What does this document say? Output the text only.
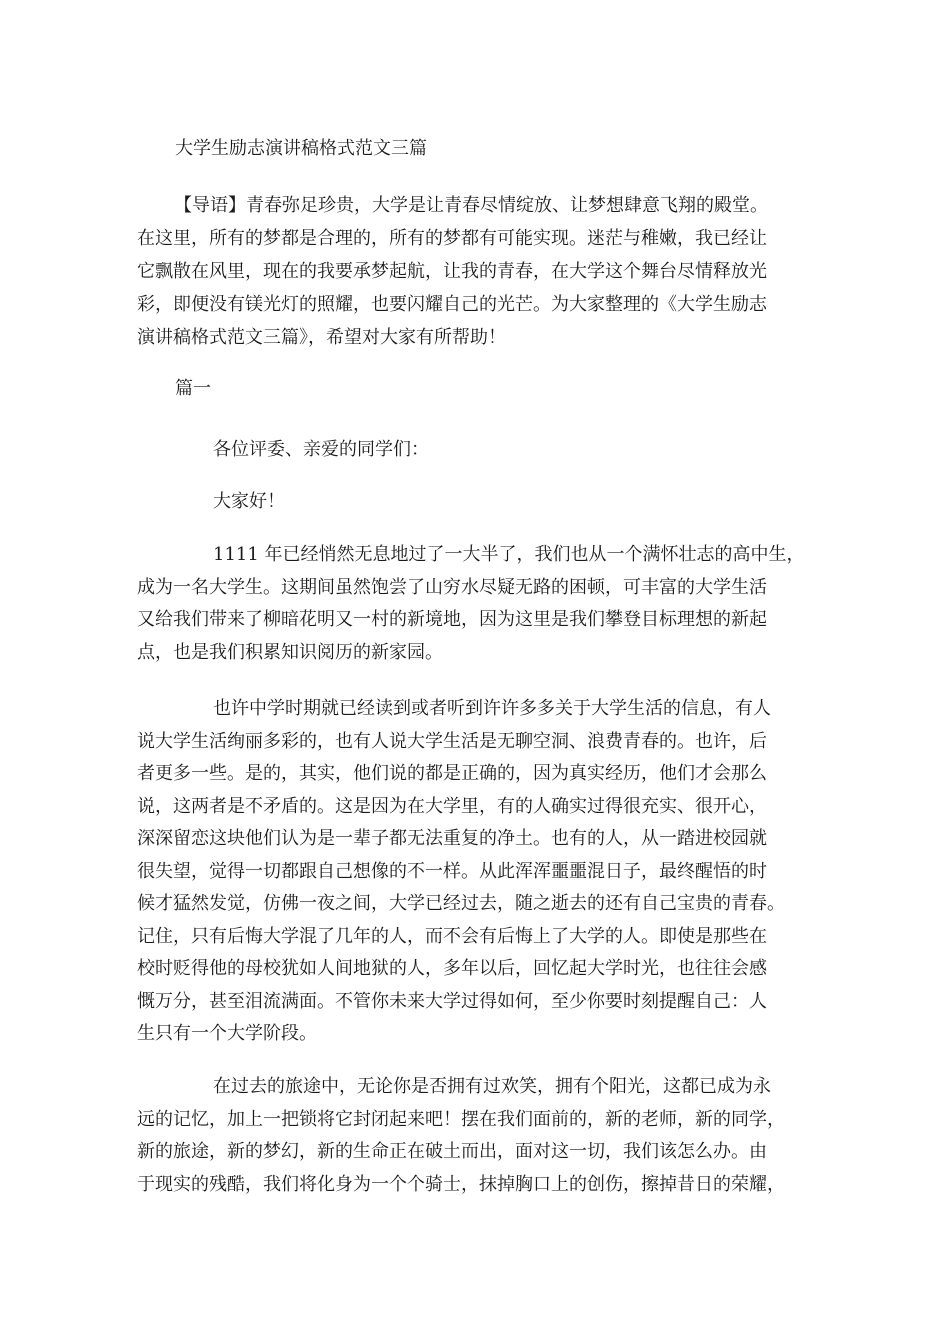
大学生励志演讲稿格式范文三篇
【导语】青春弥足珍贵，大学是让青春尽情绽放、让梦想肆意飞翔的殿堂。
在这里，所有的梦都是合理的，所有的梦都有可能实现。迷茫与稚嫩，我已经让
它飘散在风里，现在的我要承梦起航，让我的青春，在大学这个舞台尽情释放光
彩，即便没有镁光灯的照耀，也要闪耀自己的光芒。为大家整理的《大学生励志
演讲稿格式范文三篇》，希望对大家有所帮助！
篇一
各位评委、亲爱的同学们：
大家好！
1111 年已经悄然无息地过了一大半了，我们也从一个满怀壮志的高中生，
成为一名大学生。这期间虽然饱尝了山穷水尽疑无路的困顿，可丰富的大学生活
又给我们带来了柳暗花明又一村的新境地，因为这里是我们攀登目标理想的新起
点，也是我们积累知识阅历的新家园。
也许中学时期就已经读到或者听到许许多多关于大学生活的信息，有人
说大学生活绚丽多彩的，也有人说大学生活是无聊空洞、浪费青春的。也许，后
者更多一些。是的，其实，他们说的都是正确的，因为真实经历，他们才会那么
说，这两者是不矛盾的。这是因为在大学里，有的人确实过得很充实、很开心，
深深留恋这块他们认为是一辈子都无法重复的净土。也有的人，从一踏进校园就
很失望，觉得一切都跟自己想像的不一样。从此浑浑噩噩混日子，最终醒悟的时
候才猛然发觉，仿佛一夜之间，大学已经过去，随之逝去的还有自己宝贵的青春。
记住，只有后悔大学混了几年的人，而不会有后悔上了大学的人。即使是那些在
校时贬得他的母校犹如人间地狱的人，多年以后，回忆起大学时光，也往往会感
慨万分，甚至泪流满面。不管你未来大学过得如何，至少你要时刻提醒自己：人
生只有一个大学阶段。
在过去的旅途中，无论你是否拥有过欢笑，拥有个阳光，这都已成为永
远的记忆，加上一把锁将它封闭起来吧！摆在我们面前的，新的老师，新的同学，
新的旅途，新的梦幻，新的生命正在破土而出，面对这一切，我们该怎么办。由
于现实的残酷，我们将化身为一个个骑士，抹掉胸口上的创伤，擦掉昔日的荣耀，
